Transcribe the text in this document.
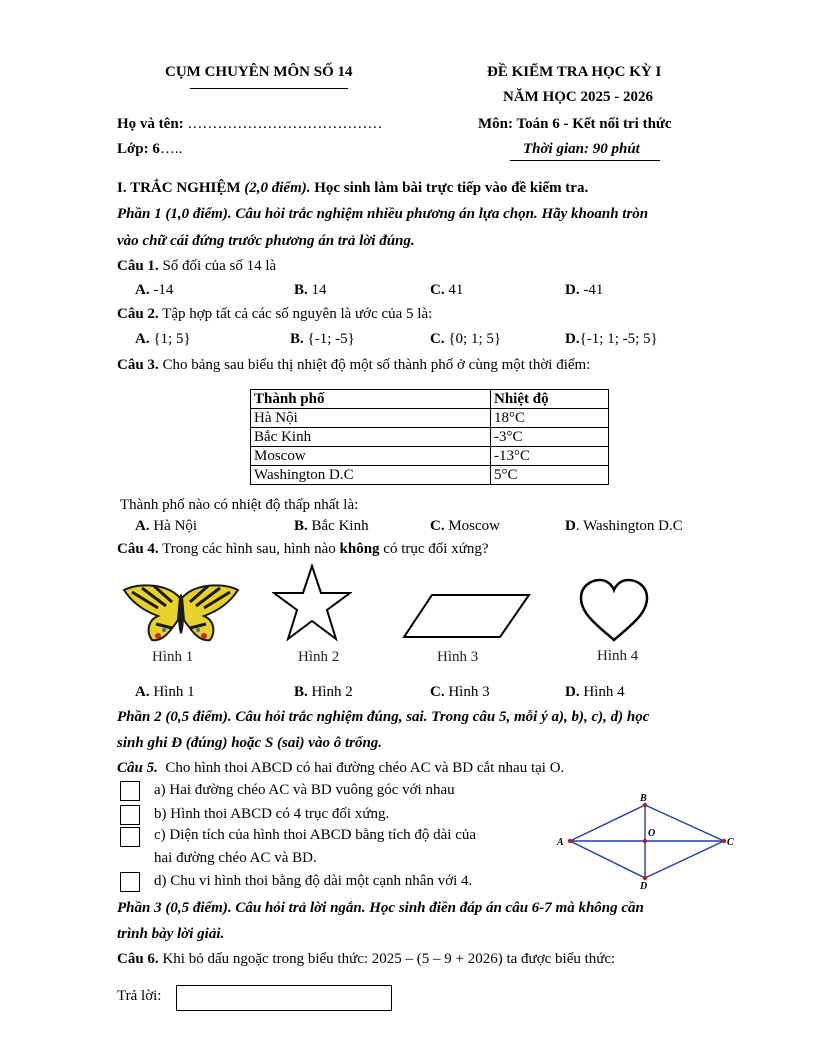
CỤM CHUYÊN MÔN SỐ 14	ĐỀ KIỂM TRA HỌC KỲ I
NĂM HỌC 2025 - 2026
Họ và tên: …………………………………	Môn: Toán 6 - Kết nối tri thức
Lớp: 6…..	Thời gian: 90 phút
I. TRẮC NGHIỆM (2,0 điểm). Học sinh làm bài trực tiếp vào đề kiểm tra.
Phần 1 (1,0 điểm). Câu hỏi trắc nghiệm nhiều phương án lựa chọn. Hãy khoanh tròn
vào chữ cái đứng trước phương án trả lời đúng.
Câu 1. Số đối của số 14 là
A. -14	B. 14	C. 41	D. -41
Câu 2. Tập hợp tất cả các số nguyên là ước của 5 là:
A. {1; 5}	B. {-1; -5}	C. {0; 1; 5}	D.{-1; 1; -5; 5}
Câu 3. Cho bảng sau biểu thị nhiệt độ một số thành phố ở cùng một thời điểm:
Thành phố	Nhiệt độ
Hà Nội	18°C
Bắc Kinh	-3°C
Moscow	-13°C
Washington D.C	5°C
Thành phố nào có nhiệt độ thấp nhất là:
A. Hà Nội	B. Bắc Kinh	C. Moscow	D. Washington D.C
Câu 4. Trong các hình sau, hình nào không có trục đối xứng?
Hình 1	Hình 2	Hình 3	Hình 4
A. Hình 1	B. Hình 2	C. Hình 3	D. Hình 4
Phần 2 (0,5 điểm). Câu hỏi trắc nghiệm đúng, sai. Trong câu 5, mỗi ý a), b), c), d) học
sinh ghi Đ (đúng) hoặc S (sai) vào ô trống.
Câu 5. Cho hình thoi ABCD có hai đường chéo AC và BD cắt nhau tại O.
a) Hai đường chéo AC và BD vuông góc với nhau
b) Hình thoi ABCD có 4 trục đối xứng.
c) Diện tích của hình thoi ABCD bằng tích độ dài của
hai đường chéo AC và BD.
d) Chu vi hình thoi bằng độ dài một cạnh nhân với 4.
A
B
C
D
O
Phần 3 (0,5 điểm). Câu hỏi trả lời ngắn. Học sinh điền đáp án câu 6-7 mà không cần
trình bày lời giải.
Câu 6. Khi bỏ dấu ngoặc trong biểu thức: 2025 – (5 – 9 + 2026) ta được biểu thức:
Trả lời:
